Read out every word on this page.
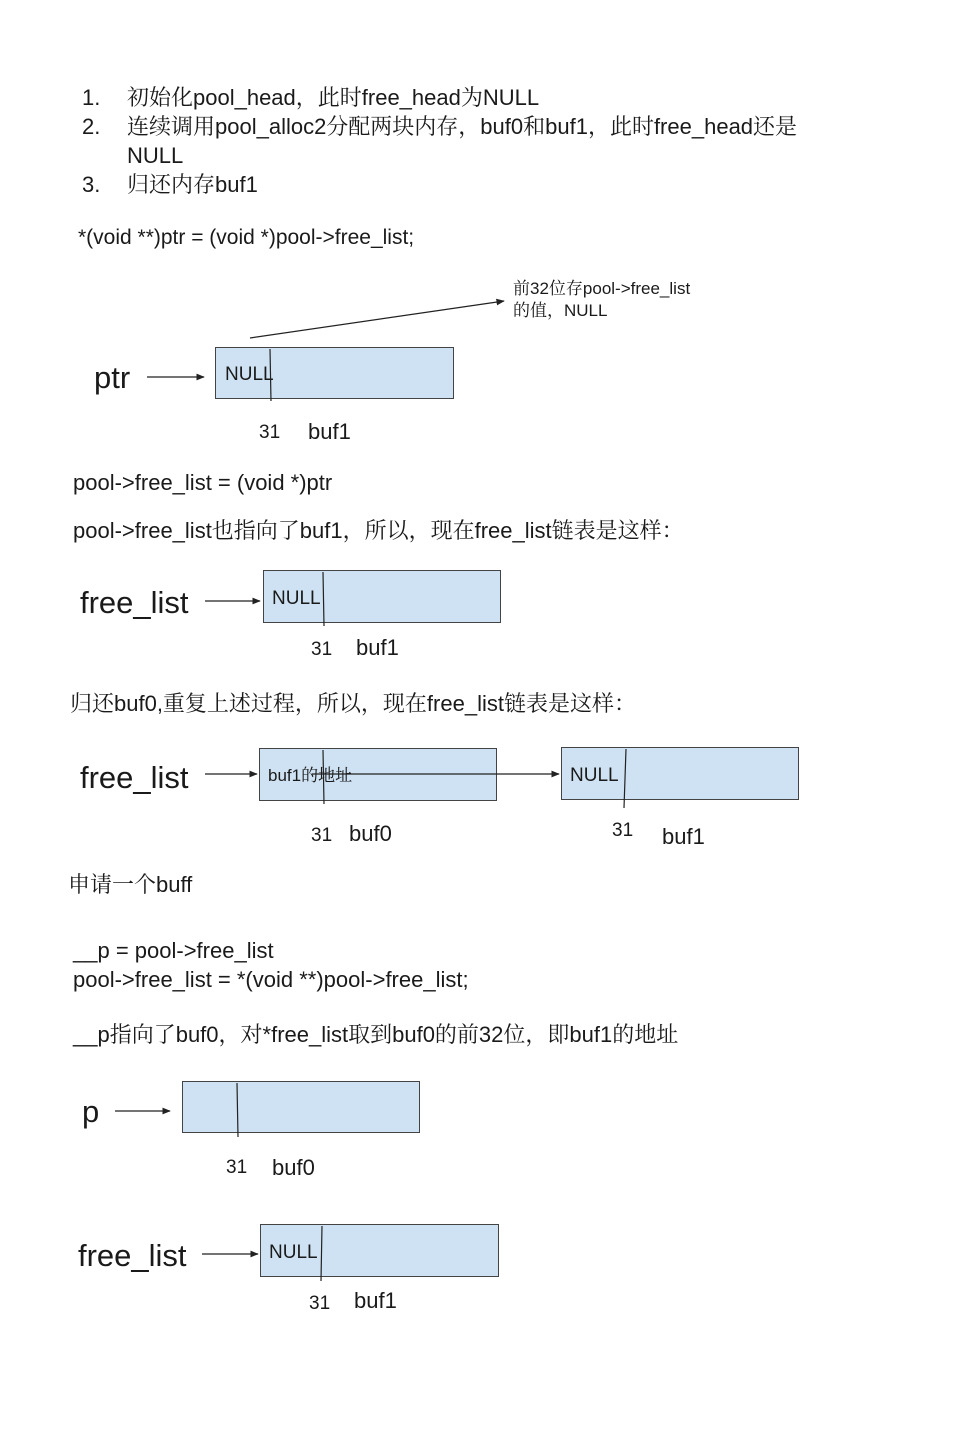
1. 初始化pool_head，此时free_head为NULL
2. 连续调用pool_alloc2分配两块内存，buf0和buf1，此时free_head还是
NULL
3. 归还内存buf1
*(void **)ptr = (void *)pool->free_list;
前32位存pool->free_list
的值，NULL
ptr	NULL
31 buf1
pool->free_list = (void *)ptr
pool->free_list也指向了buf1，所以，现在free_list链表是这样：
free_list	NULL
31 buf1
归还buf0,重复上述过程，所以，现在free_list链表是这样：
free_list	buf1的地址	NULL
31 buf0	31 buf1
申请一个buff
__p = pool->free_list
pool->free_list = *(void **)pool->free_list;
__p指向了buf0，对*free_list取到buf0的前32位，即buf1的地址
p
31 buf0
free_list	NULL
31 buf1
